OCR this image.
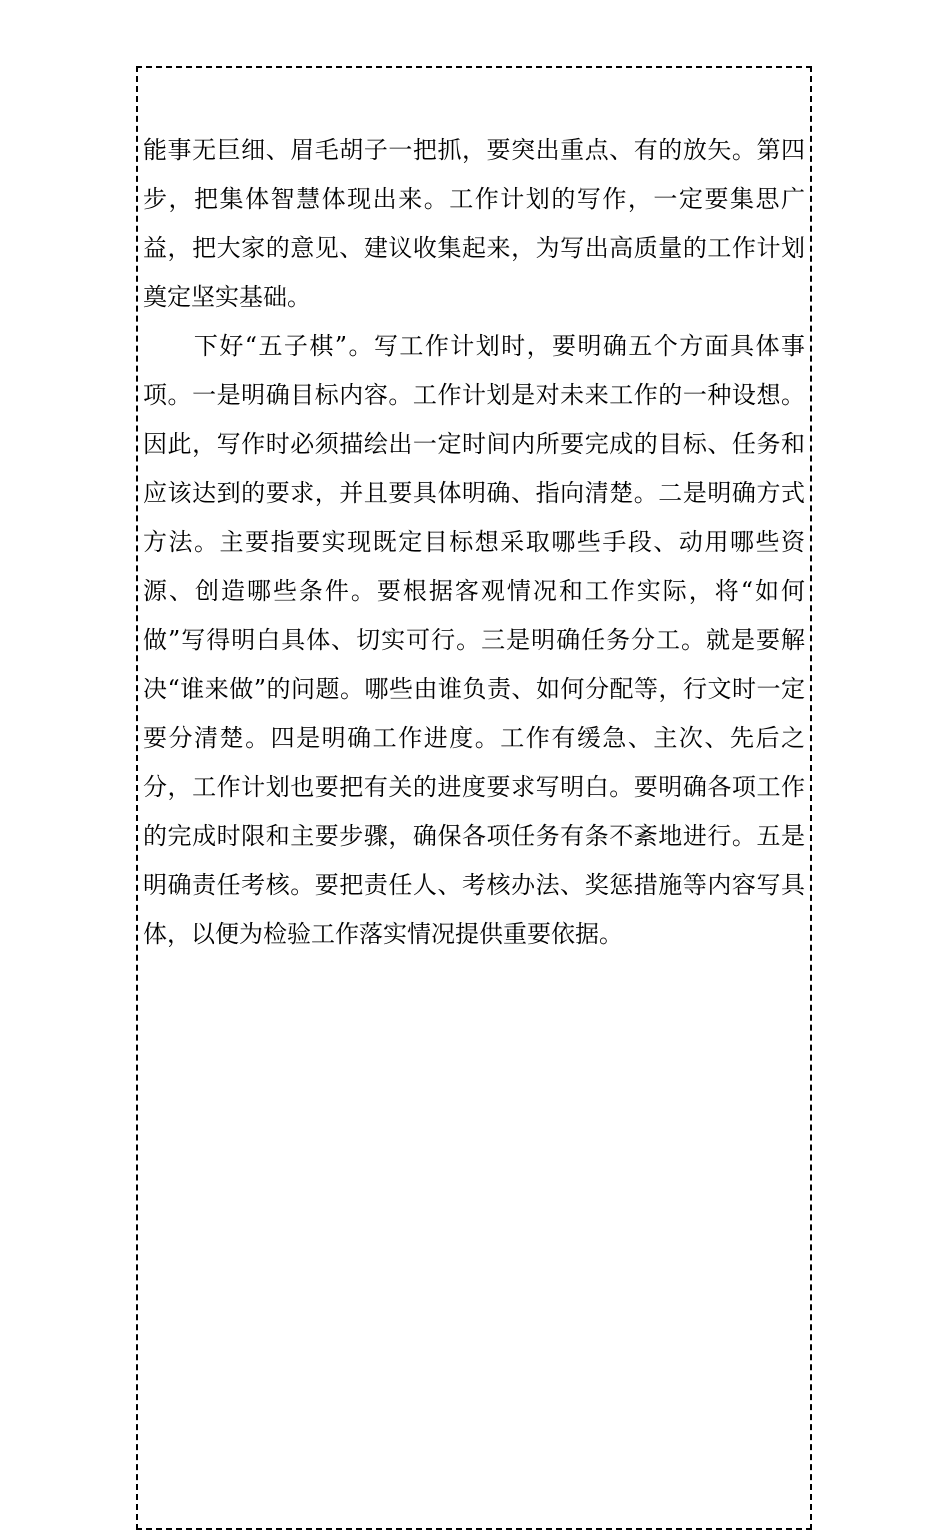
能事无巨细、眉毛胡子一把抓，要突出重点、有的放矢。第四步，把集体智慧体现出来。工作计划的写作，一定要集思广益，把大家的意见、建议收集起来，为写出高质量的工作计划奠定坚实基础。

　　下好“五子棋”。写工作计划时，要明确五个方面具体事项。一是明确目标内容。工作计划是对未来工作的一种设想。因此，写作时必须描绘出一定时间内所要完成的目标、任务和应该达到的要求，并且要具体明确、指向清楚。二是明确方式方法。主要指要实现既定目标想采取哪些手段、动用哪些资源、创造哪些条件。要根据客观情况和工作实际，将“如何做”写得明白具体、切实可行。三是明确任务分工。就是要解决“谁来做”的问题。哪些由谁负责、如何分配等，行文时一定要分清楚。四是明确工作进度。工作有缓急、主次、先后之分，工作计划也要把有关的进度要求写明白。要明确各项工作的完成时限和主要步骤，确保各项任务有条不紊地进行。五是明确责任考核。要把责任人、考核办法、奖惩措施等内容写具体，以便为检验工作落实情况提供重要依据。
